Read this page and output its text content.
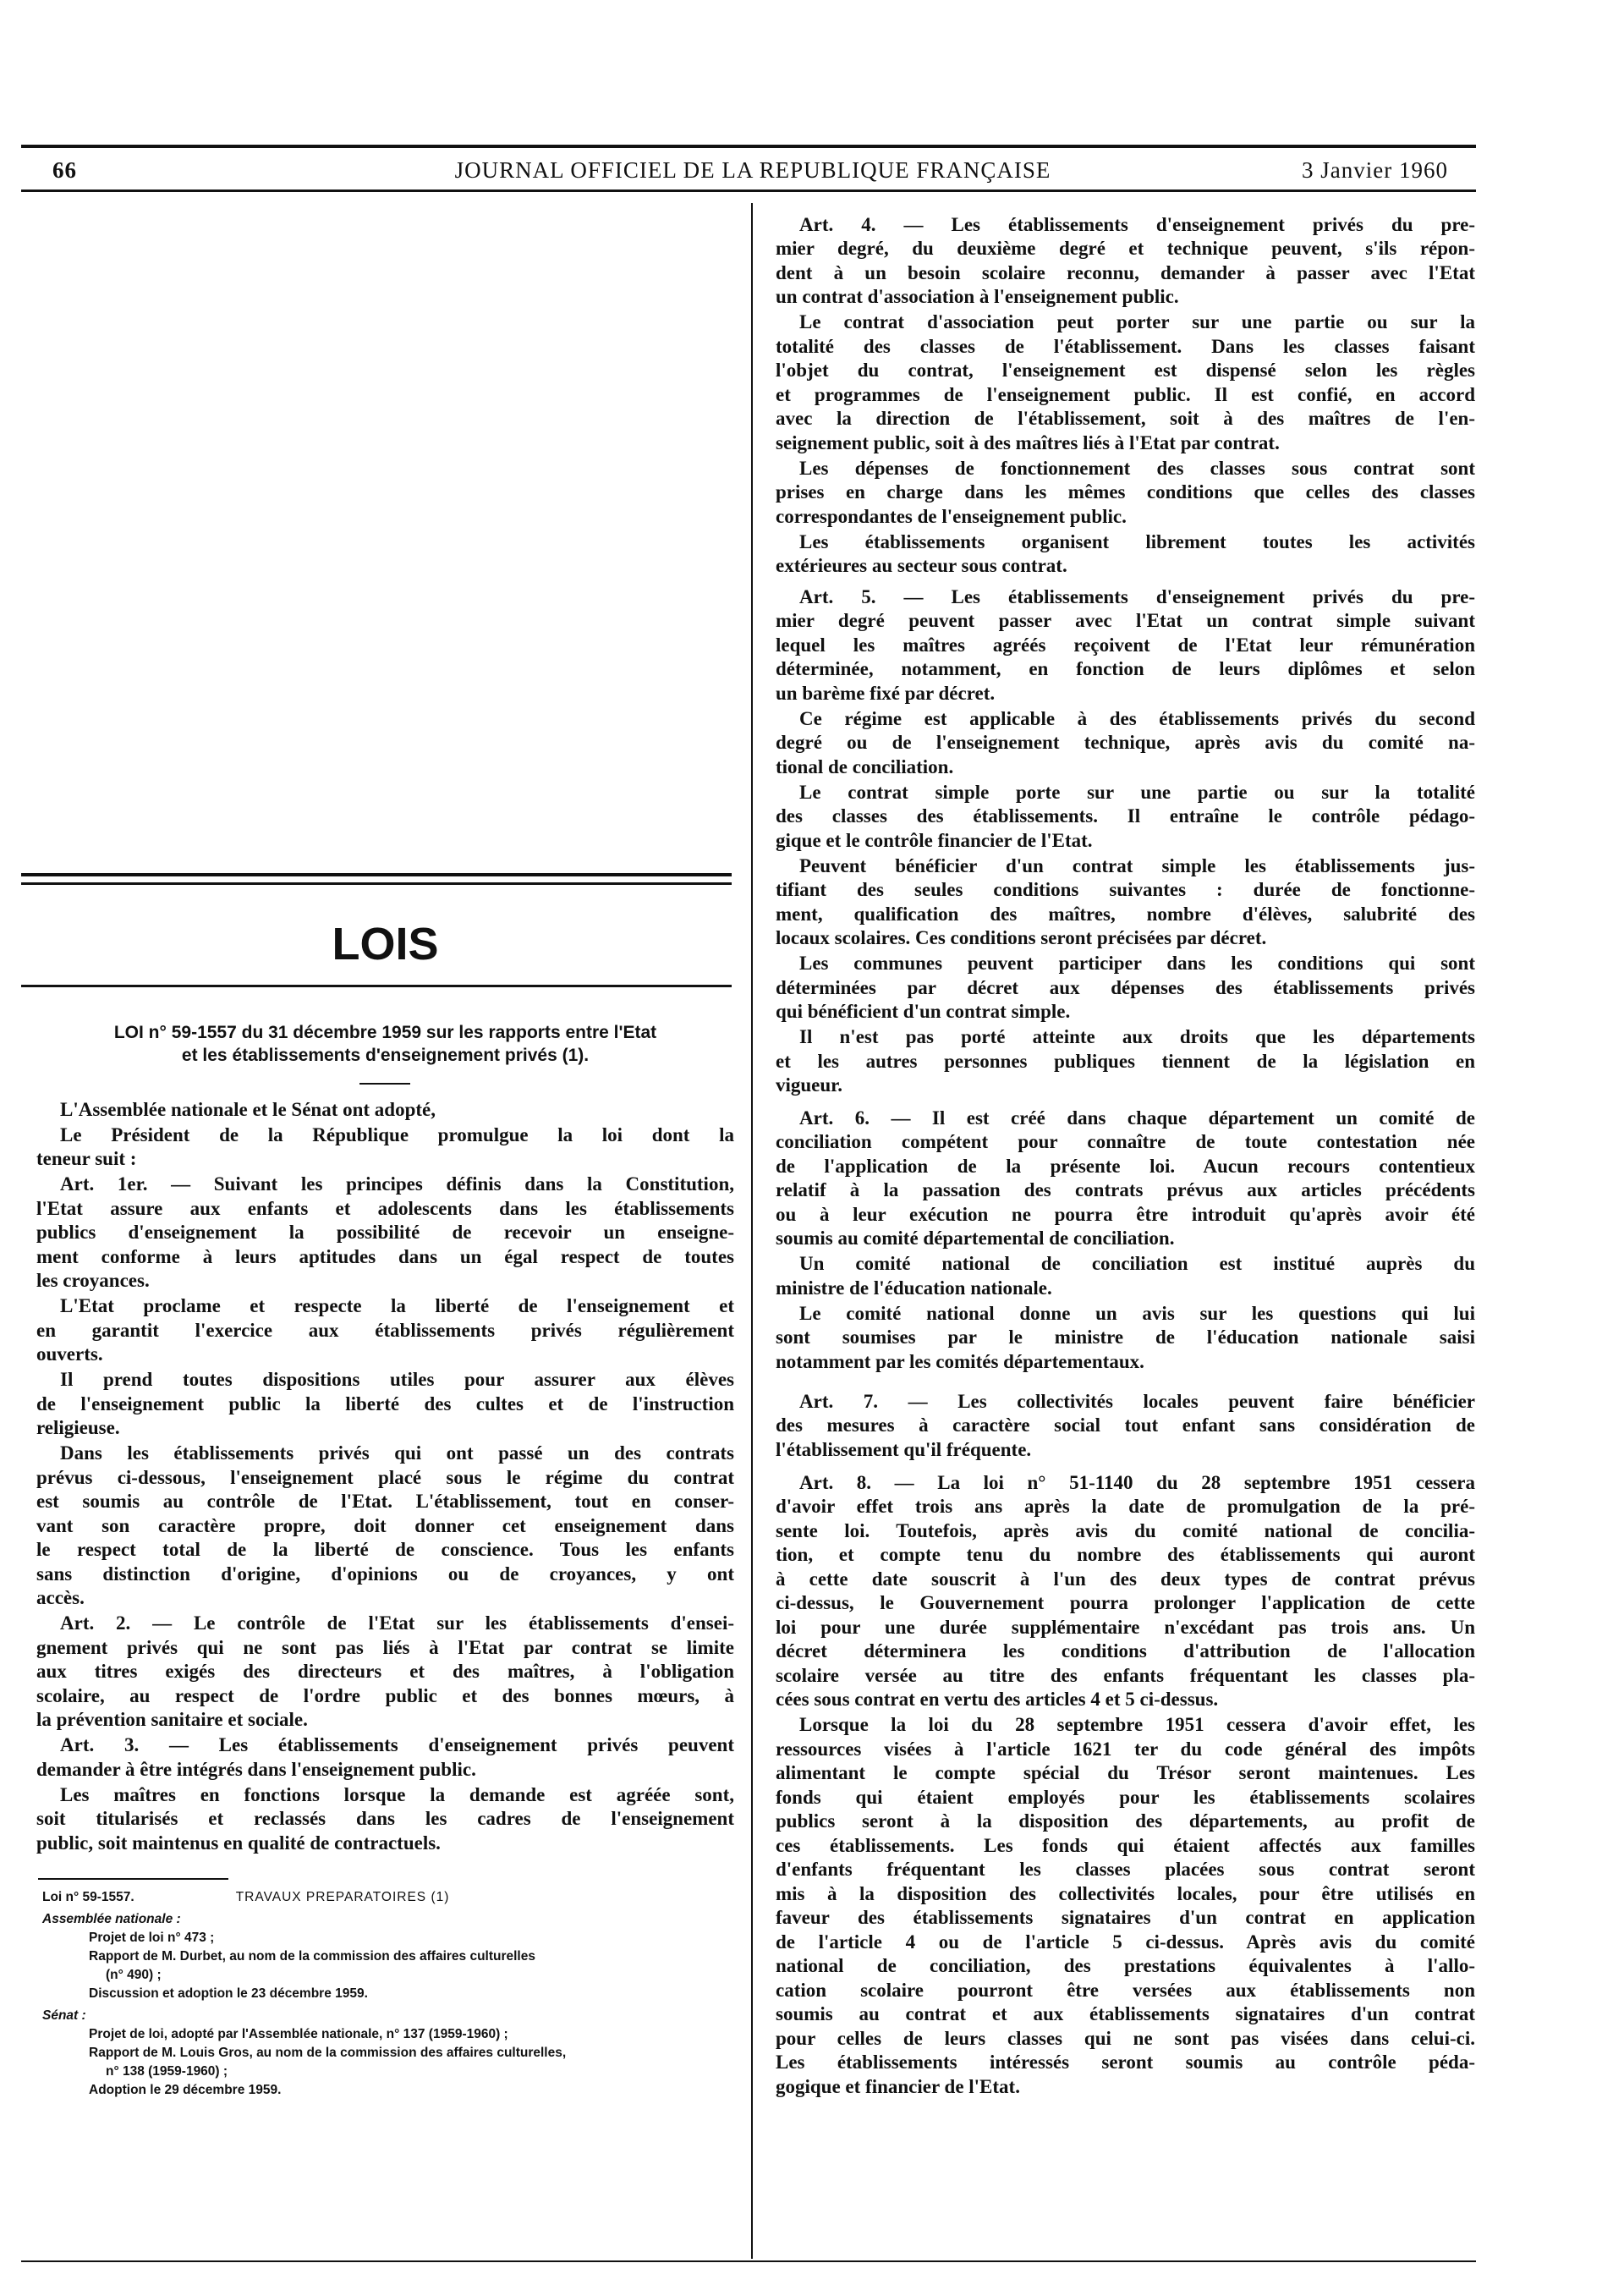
66	JOURNAL OFFICIEL DE LA REPUBLIQUE FRANÇAISE	3 Janvier 1960
LOIS
LOI n° 59-1557 du 31 décembre 1959 sur les rapports entre l'Etat
et les établissements d'enseignement privés (1).
L'Assemblée nationale et le Sénat ont adopté,
Le Président de la République promulgue la loi dont la
teneur suit :
Art. 1er. — Suivant les principes définis dans la Constitution,
l'Etat assure aux enfants et adolescents dans les établissements
publics d'enseignement la possibilité de recevoir un enseigne-
ment conforme à leurs aptitudes dans un égal respect de toutes
les croyances.
L'Etat proclame et respecte la liberté de l'enseignement et
en garantit l'exercice aux établissements privés régulièrement
ouverts.
Il prend toutes dispositions utiles pour assurer aux élèves
de l'enseignement public la liberté des cultes et de l'instruction
religieuse.
Dans les établissements privés qui ont passé un des contrats
prévus ci-dessous, l'enseignement placé sous le régime du contrat
est soumis au contrôle de l'Etat. L'établissement, tout en conser-
vant son caractère propre, doit donner cet enseignement dans
le respect total de la liberté de conscience. Tous les enfants
sans distinction d'origine, d'opinions ou de croyances, y ont
accès.
Art. 2. — Le contrôle de l'Etat sur les établissements d'ensei-
gnement privés qui ne sont pas liés à l'Etat par contrat se limite
aux titres exigés des directeurs et des maîtres, à l'obligation
scolaire, au respect de l'ordre public et des bonnes mœurs, à
la prévention sanitaire et sociale.
Art. 3. — Les établissements d'enseignement privés peuvent
demander à être intégrés dans l'enseignement public.
Les maîtres en fonctions lorsque la demande est agréée sont,
soit titularisés et reclassés dans les cadres de l'enseignement
public, soit maintenus en qualité de contractuels.
Loi n° 59-1557.	TRAVAUX PREPARATOIRES (1)
Assemblée nationale :
Projet de loi n° 473 ;
Rapport de M. Durbet, au nom de la commission des affaires culturelles
(n° 490) ;
Discussion et adoption le 23 décembre 1959.
Sénat :
Projet de loi, adopté par l'Assemblée nationale, n° 137 (1959-1960) ;
Rapport de M. Louis Gros, au nom de la commission des affaires culturelles,
n° 138 (1959-1960) ;
Adoption le 29 décembre 1959.
Art. 4. — Les établissements d'enseignement privés du pre-
mier degré, du deuxième degré et technique peuvent, s'ils répon-
dent à un besoin scolaire reconnu, demander à passer avec l'Etat
un contrat d'association à l'enseignement public.
Le contrat d'association peut porter sur une partie ou sur la
totalité des classes de l'établissement. Dans les classes faisant
l'objet du contrat, l'enseignement est dispensé selon les règles
et programmes de l'enseignement public. Il est confié, en accord
avec la direction de l'établissement, soit à des maîtres de l'en-
seignement public, soit à des maîtres liés à l'Etat par contrat.
Les dépenses de fonctionnement des classes sous contrat sont
prises en charge dans les mêmes conditions que celles des classes
correspondantes de l'enseignement public.
Les établissements organisent librement toutes les activités
extérieures au secteur sous contrat.
Art. 5. — Les établissements d'enseignement privés du pre-
mier degré peuvent passer avec l'Etat un contrat simple suivant
lequel les maîtres agréés reçoivent de l'Etat leur rémunération
déterminée, notamment, en fonction de leurs diplômes et selon
un barème fixé par décret.
Ce régime est applicable à des établissements privés du second
degré ou de l'enseignement technique, après avis du comité na-
tional de conciliation.
Le contrat simple porte sur une partie ou sur la totalité
des classes des établissements. Il entraîne le contrôle pédago-
gique et le contrôle financier de l'Etat.
Peuvent bénéficier d'un contrat simple les établissements jus-
tifiant des seules conditions suivantes : durée de fonctionne-
ment, qualification des maîtres, nombre d'élèves, salubrité des
locaux scolaires. Ces conditions seront précisées par décret.
Les communes peuvent participer dans les conditions qui sont
déterminées par décret aux dépenses des établissements privés
qui bénéficient d'un contrat simple.
Il n'est pas porté atteinte aux droits que les départements
et les autres personnes publiques tiennent de la législation en
vigueur.
Art. 6. — Il est créé dans chaque département un comité de
conciliation compétent pour connaître de toute contestation née
de l'application de la présente loi. Aucun recours contentieux
relatif à la passation des contrats prévus aux articles précédents
ou à leur exécution ne pourra être introduit qu'après avoir été
soumis au comité départemental de conciliation.
Un comité national de conciliation est institué auprès du
ministre de l'éducation nationale.
Le comité national donne un avis sur les questions qui lui
sont soumises par le ministre de l'éducation nationale saisi
notamment par les comités départementaux.
Art. 7. — Les collectivités locales peuvent faire bénéficier
des mesures à caractère social tout enfant sans considération de
l'établissement qu'il fréquente.
Art. 8. — La loi n° 51-1140 du 28 septembre 1951 cessera
d'avoir effet trois ans après la date de promulgation de la pré-
sente loi. Toutefois, après avis du comité national de concilia-
tion, et compte tenu du nombre des établissements qui auront
à cette date souscrit à l'un des deux types de contrat prévus
ci-dessus, le Gouvernement pourra prolonger l'application de cette
loi pour une durée supplémentaire n'excédant pas trois ans. Un
décret déterminera les conditions d'attribution de l'allocation
scolaire versée au titre des enfants fréquentant les classes pla-
cées sous contrat en vertu des articles 4 et 5 ci-dessus.
Lorsque la loi du 28 septembre 1951 cessera d'avoir effet, les
ressources visées à l'article 1621 ter du code général des impôts
alimentant le compte spécial du Trésor seront maintenues. Les
fonds qui étaient employés pour les établissements scolaires
publics seront à la disposition des départements, au profit de
ces établissements. Les fonds qui étaient affectés aux familles
d'enfants fréquentant les classes placées sous contrat seront
mis à la disposition des collectivités locales, pour être utilisés en
faveur des établissements signataires d'un contrat en application
de l'article 4 ou de l'article 5 ci-dessus. Après avis du comité
national de conciliation, des prestations équivalentes à l'allo-
cation scolaire pourront être versées aux établissements non
soumis au contrat et aux établissements signataires d'un contrat
pour celles de leurs classes qui ne sont pas visées dans celui-ci.
Les établissements intéressés seront soumis au contrôle péda-
gogique et financier de l'Etat.
